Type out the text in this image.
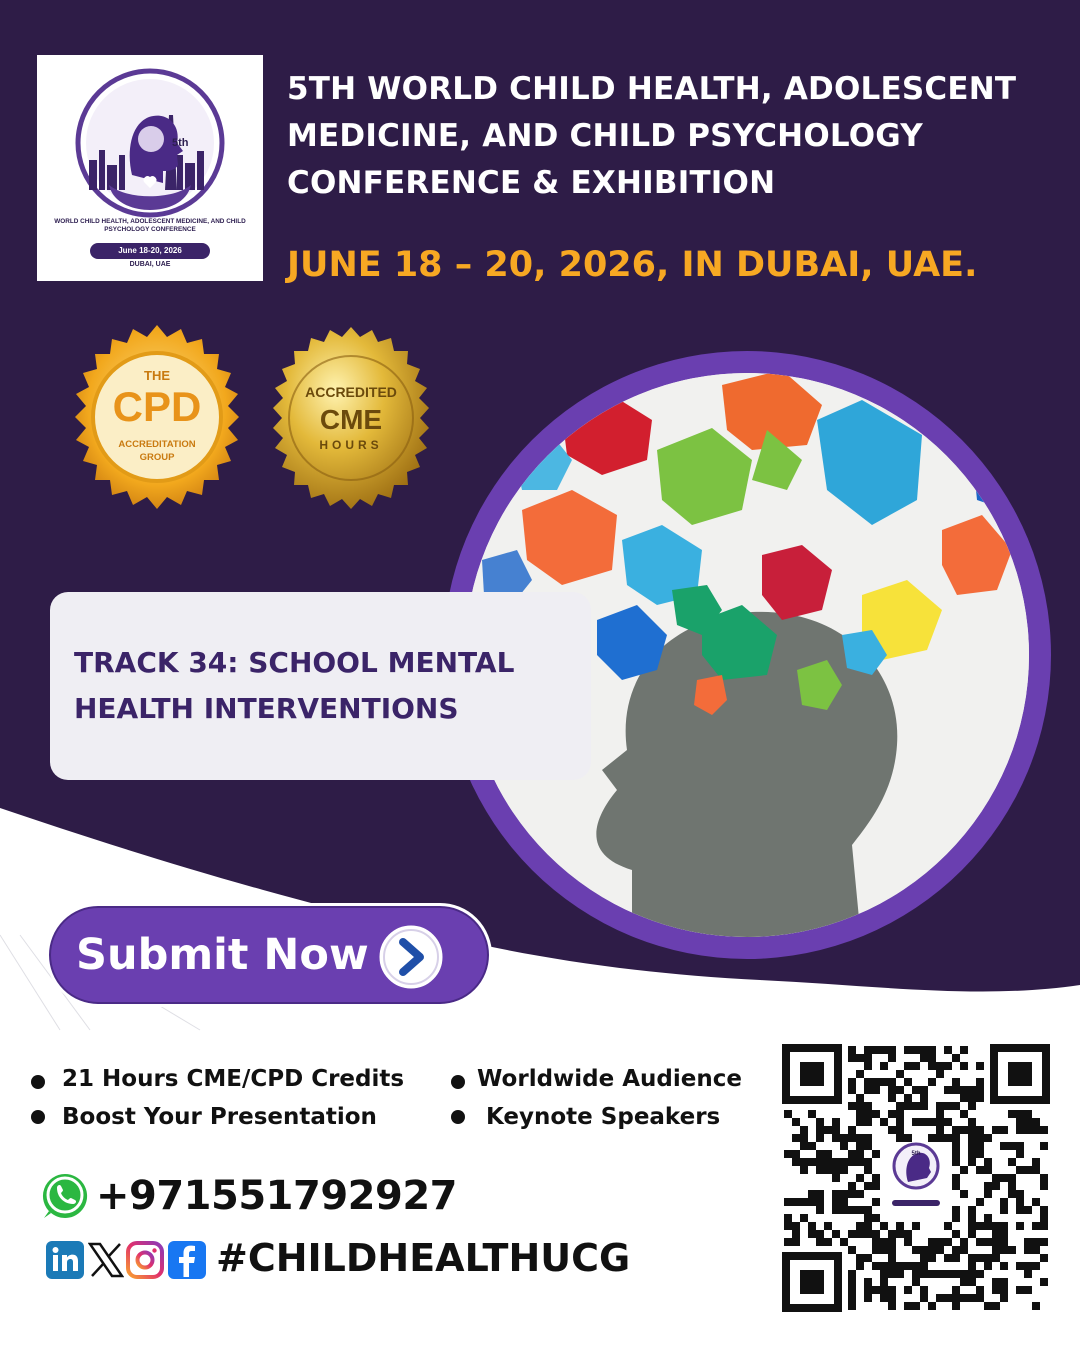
5th
WORLD CHILD HEALTH, ADOLESCENT MEDICINE, AND CHILD PSYCHOLOGY CONFERENCE
June 18-20, 2026
DUBAI, UAE
5TH WORLD CHILD HEALTH, ADOLESCENT MEDICINE, AND CHILD PSYCHOLOGY CONFERENCE & EXHIBITION
JUNE 18 – 20, 2026, IN DUBAI, UAE.
THE
CPD
ACCREDITATION
GROUP
ACCREDITED
CME
HOURS
TRACK 34: SCHOOL MENTAL HEALTH INTERVENTIONS
Submit Now
21 Hours CME/CPD Credits	Worldwide Audience
Boost Your Presentation	Keynote Speakers
+971551792927
#CHILDHEALTHUCG
5th
